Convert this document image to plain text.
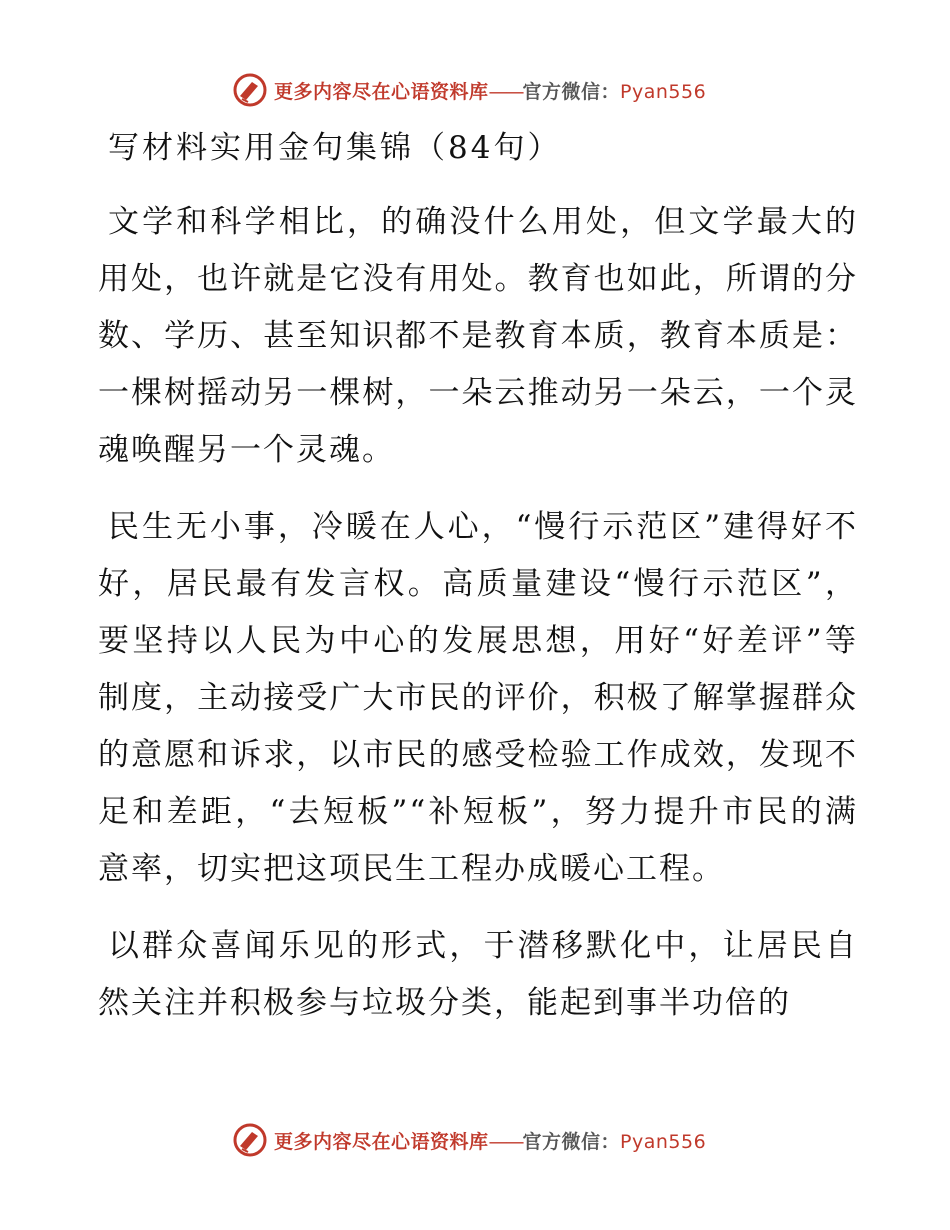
更多内容尽在心语资料库——官方微信：Pyan556
写材料实用金句集锦（84句）

文学和科学相比，的确没什么用处，但文学最大的用处，也许就是它没有用处。教育也如此，所谓的分数、学历、甚至知识都不是教育本质，教育本质是：一棵树摇动另一棵树，一朵云推动另一朵云，一个灵魂唤醒另一个灵魂。

民生无小事，冷暖在人心，“慢行示范区”建得好不好，居民最有发言权。高质量建设“慢行示范区”，要坚持以人民为中心的发展思想，用好“好差评”等制度，主动接受广大市民的评价，积极了解掌握群众的意愿和诉求，以市民的感受检验工作成效，发现不足和差距，“去短板”“补短板”，努力提升市民的满意率，切实把这项民生工程办成暖心工程。

以群众喜闻乐见的形式，于潜移默化中，让居民自然关注并积极参与垃圾分类，能起到事半功倍的

更多内容尽在心语资料库——官方微信：Pyan556
